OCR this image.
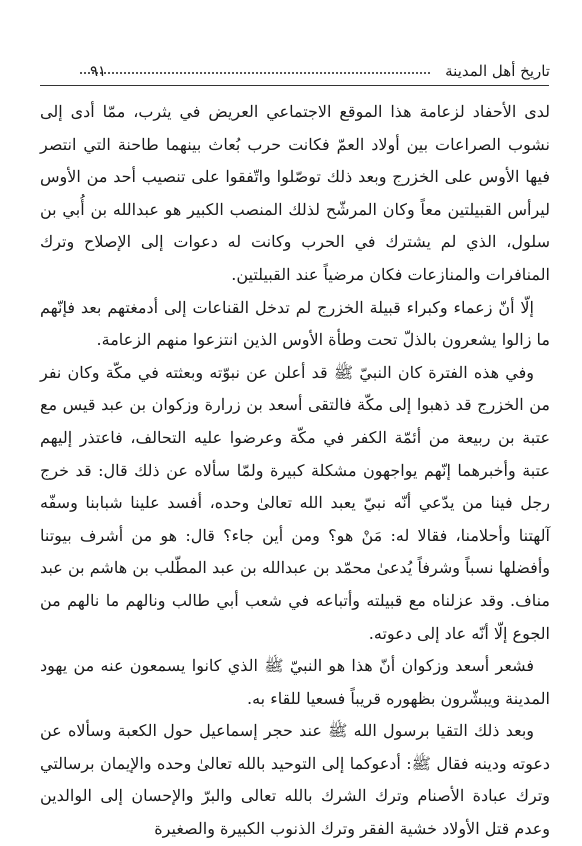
تاريخ أهل المدينة
٩١

لدى الأحفاد لزعامة هذا الموقع الاجتماعي العريض في يثرب، ممّا أدى إلى نشوب الصراعات بين أولاد العمّ فكانت حرب بُعاث بينهما طاحنة التي انتصر فيها الأوس على الخزرج وبعد ذلك توصّلوا واتّفقوا على تنصيب أحد من الأوس ليرأس القبيلتين معاً وكان المرشّح لذلك المنصب الكبير هو عبدالله بن أُبي بن سلول، الذي لم يشترك في الحرب وكانت له دعوات إلى الإصلاح وترك المنافرات والمنازعات فكان مرضياً عند القبيلتين.

إلّا أنّ زعماء وكبراء قبيلة الخزرج لم تدخل القناعات إلى أدمغتهم بعد فإنّهم ما زالوا يشعرون بالذلّ تحت وطأة الأوس الذين انتزعوا منهم الزعامة.

وفي هذه الفترة كان النبيّ ﷺ قد أعلن عن نبوّته وبعثته في مكّة وكان نفر من الخزرج قد ذهبوا إلى مكّة فالتقى أسعد بن زرارة وزكوان بن عبد قيس مع عتبة بن ربيعة من أئمّة الكفر في مكّة وعرضوا عليه التحالف، فاعتذر إليهم عتبة وأخبرهما إنّهم يواجهون مشكلة كبيرة ولمّا سألاه عن ذلك قال: قد خرج رجل فينا من يدّعي أنّه نبيّ يعبد الله تعالىٰ وحده، أفسد علينا شبابنا وسفّه آلهتنا وأحلامنا، فقالا له: مَنْ هو؟ ومن أين جاء؟ قال: هو من أشرف بيوتنا وأفضلها نسباً وشرفاً يُدعىٰ محمّد بن عبدالله بن عبد المطّلب بن هاشم بن عبد مناف. وقد عزلناه مع قبيلته وأتباعه في شعب أبي طالب ونالهم ما نالهم من الجوع إلّا أنّه عاد إلى دعوته.

فشعر أسعد وزكوان أنّ هذا هو النبيّ ﷺ الذي كانوا يسمعون عنه من يهود المدينة ويبشّرون بظهوره قريباً فسعيا للقاء به.

وبعد ذلك التقيا برسول الله ﷺ عند حجر إسماعيل حول الكعبة وسألاه عن دعوته ودينه فقال ﷺ: أدعوكما إلى التوحيد بالله تعالىٰ وحده والإيمان برسالتي وترك عبادة الأصنام وترك الشرك بالله تعالى والبرّ والإحسان إلى الوالدين وعدم قتل الأولاد خشية الفقر وترك الذنوب الكبيرة والصغيرة
